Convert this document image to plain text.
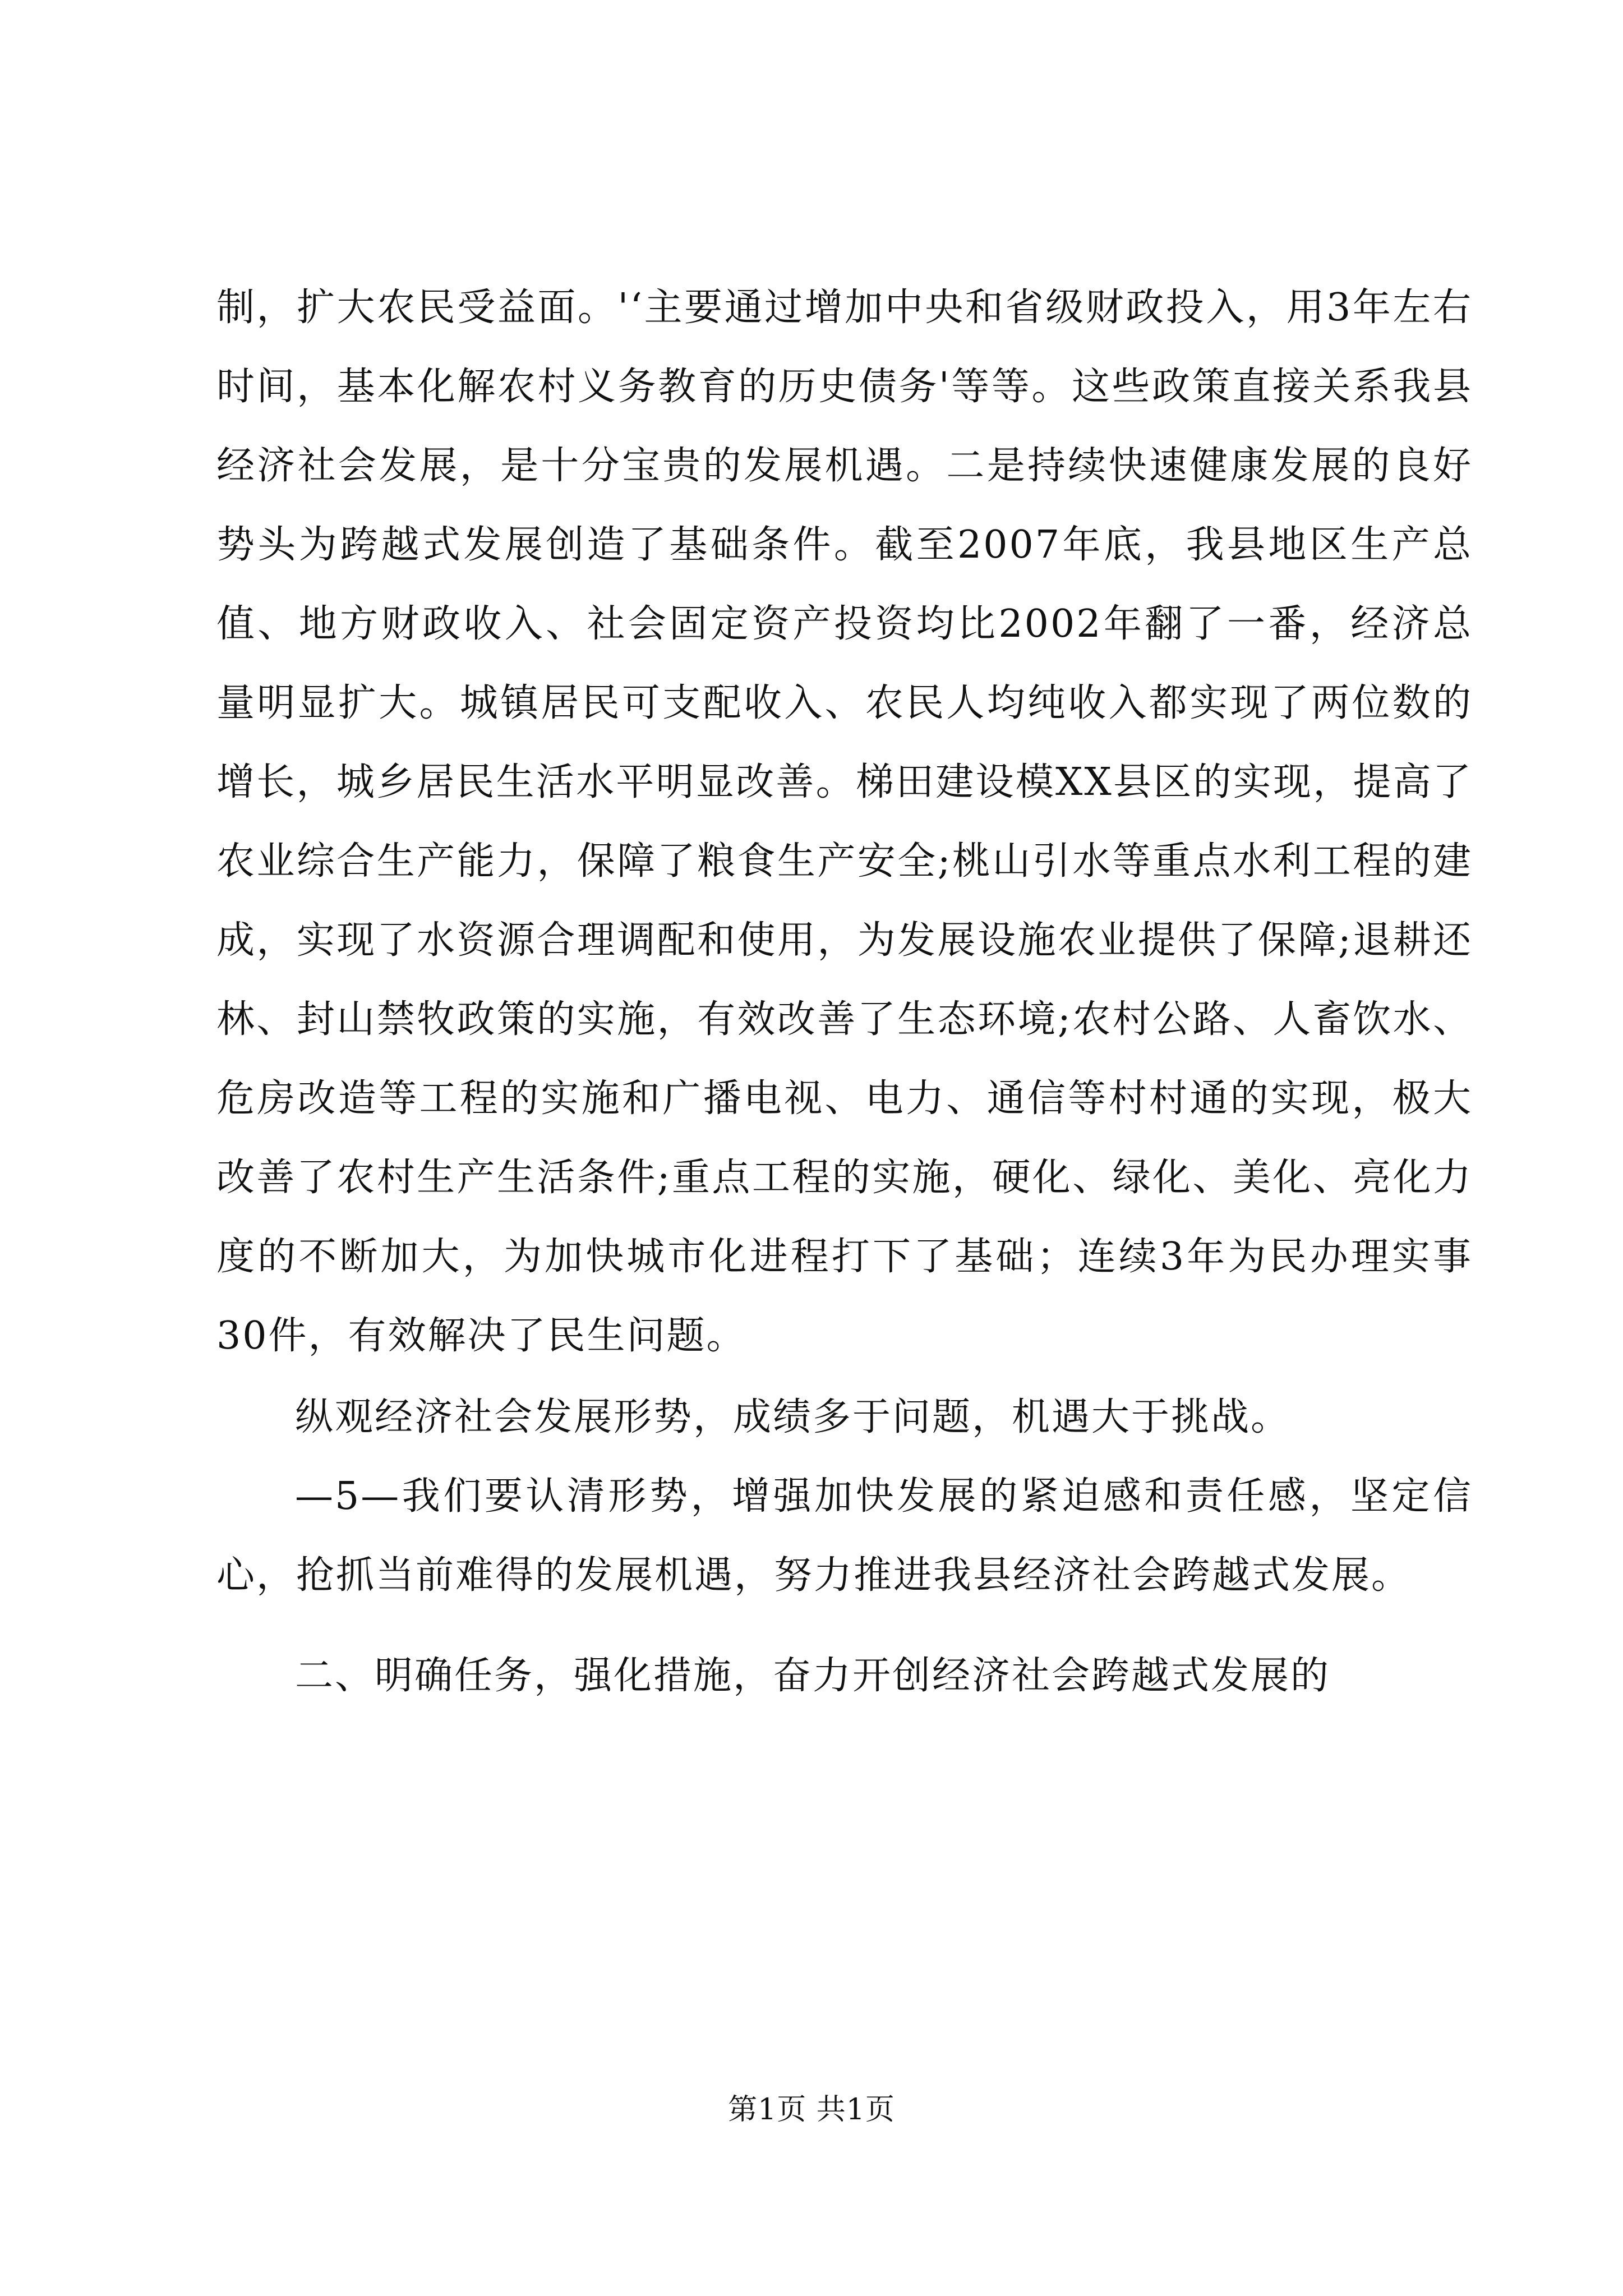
制，扩大农民受益面。'‘主要通过增加中央和省级财政投入，用3年左右时间，基本化解农村义务教育的历史债务'等等。这些政策直接关系我县经济社会发展，是十分宝贵的发展机遇。二是持续快速健康发展的良好势头为跨越式发展创造了基础条件。截至2007年底，我县地区生产总值、地方财政收入、社会固定资产投资均比2002年翻了一番，经济总量明显扩大。城镇居民可支配收入、农民人均纯收入都实现了两位数的增长，城乡居民生活水平明显改善。梯田建设模XX县区的实现，提高了农业综合生产能力，保障了粮食生产安全;桃山引水等重点水利工程的建成，实现了水资源合理调配和使用，为发展设施农业提供了保障;退耕还林、封山禁牧政策的实施，有效改善了生态环境;农村公路、人畜饮水、危房改造等工程的实施和广播电视、电力、通信等村村通的实现，极大改善了农村生产生活条件;重点工程的实施，硬化、绿化、美化、亮化力度的不断加大，为加快城市化进程打下了基础；连续3年为民办理实事30件，有效解决了民生问题。

纵观经济社会发展形势，成绩多于问题，机遇大于挑战。

—5—我们要认清形势，增强加快发展的紧迫感和责任感，坚定信心，抢抓当前难得的发展机遇，努力推进我县经济社会跨越式发展。

二、明确任务，强化措施，奋力开创经济社会跨越式发展的

第1页 共1页
